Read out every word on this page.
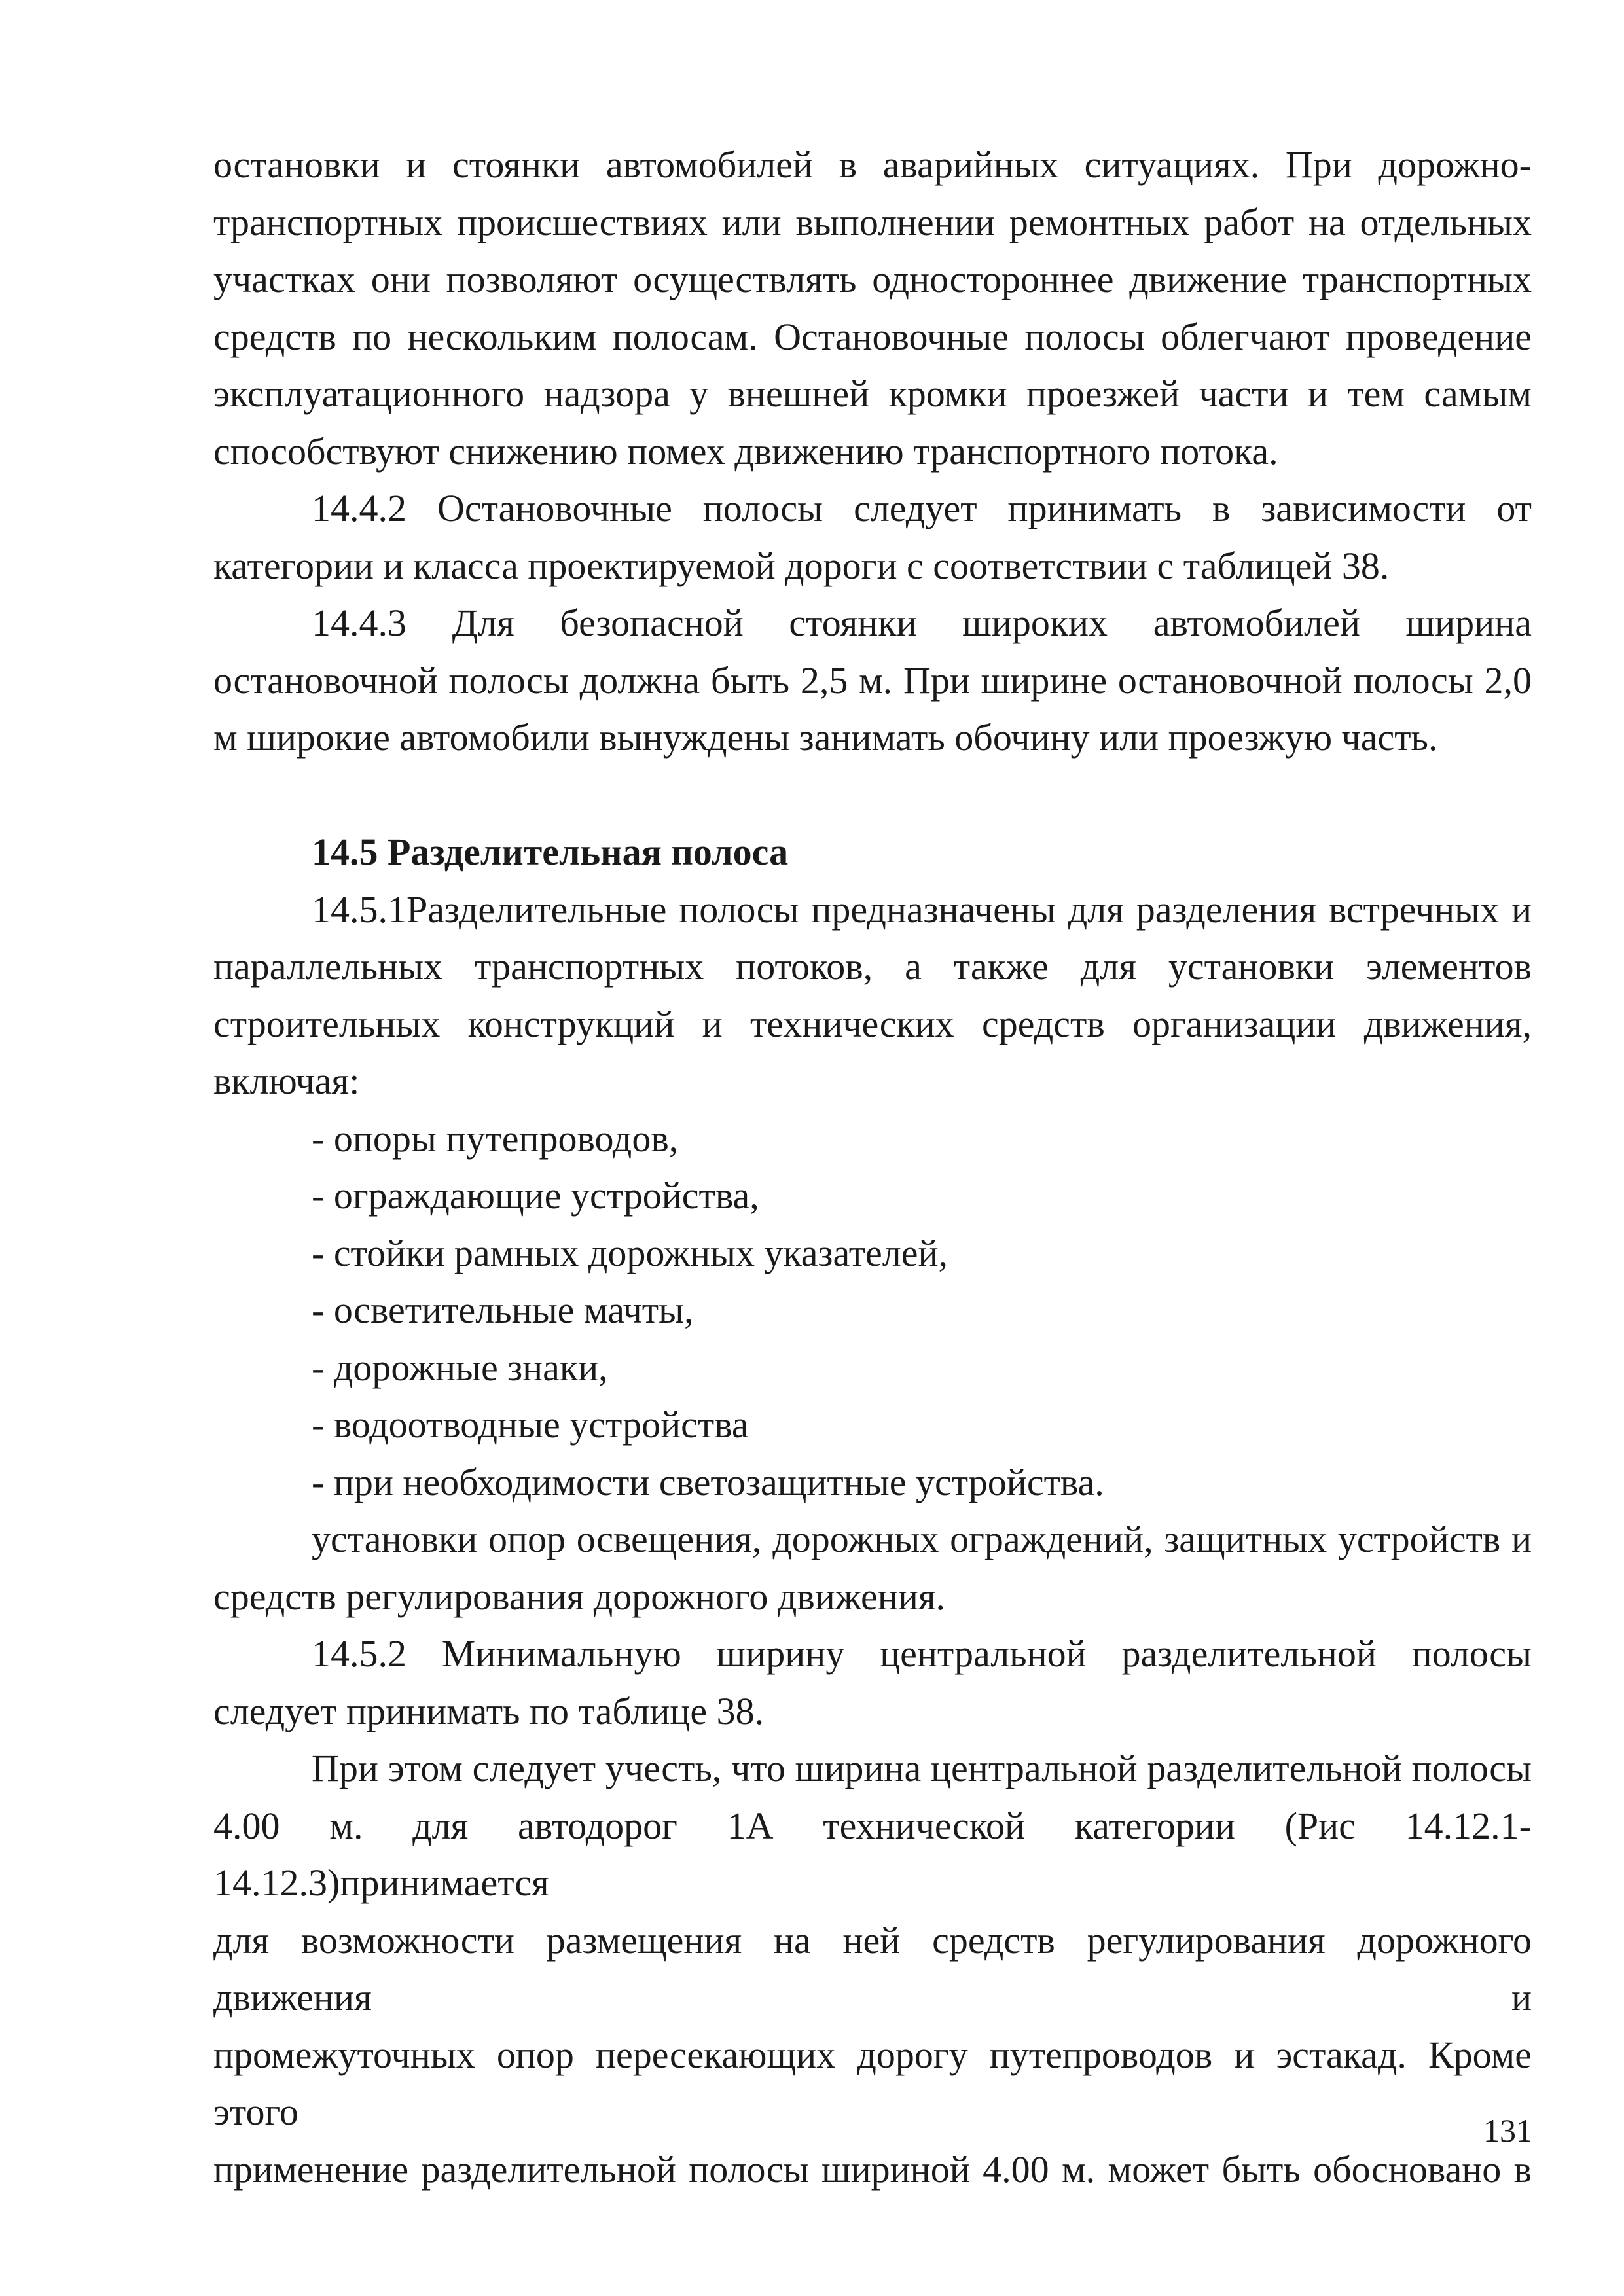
остановки и стоянки автомобилей в аварийных ситуациях. При дорожно-

транспортных происшествиях или выполнении ремонтных работ на отдельных

участках они позволяют осуществлять одностороннее движение транспортных

средств по нескольким полосам. Остановочные полосы облегчают проведение

эксплуатационного надзора у внешней кромки проезжей части и тем самым

способствуют снижению помех движению транспортного потока.

14.4.2 Остановочные полосы следует принимать в зависимости от

категории и класса проектируемой дороги с соответствии с таблицей 38.

14.4.3 Для безопасной стоянки широких автомобилей ширина

остановочной полосы должна быть 2,5 м. При ширине остановочной полосы 2,0

м широкие автомобили вынуждены занимать обочину или проезжую часть.

14.5 Разделительная полоса

14.5.1Разделительные полосы предназначены для разделения встречных и

параллельных транспортных потоков, а также для установки элементов

строительных конструкций и технических средств организации движения,

включая:

- опоры путепроводов,

- ограждающие устройства,

- стойки рамных дорожных указателей,

- осветительные мачты,

- дорожные знаки,

- водоотводные устройства

- при необходимости светозащитные устройства.

установки опор освещения, дорожных ограждений, защитных устройств и

средств регулирования дорожного движения.

14.5.2 Минимальную ширину центральной разделительной полосы

следует принимать по таблице 38.

При этом следует учесть, что ширина центральной разделительной полосы

4.00 м. для автодорог 1А технической категории (Рис 14.12.1-14.12.3)принимается

для возможности размещения на ней средств регулирования дорожного движения и

промежуточных опор пересекающих дорогу путепроводов и эстакад. Кроме этого

применение разделительной полосы шириной 4.00 м. может быть обосновано в

131
